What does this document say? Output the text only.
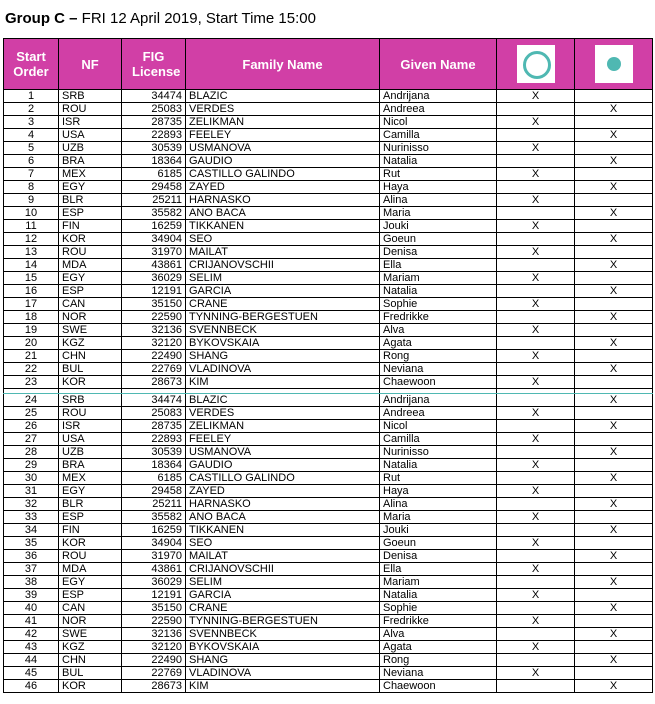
Group C – FRI 12 April 2019, Start Time 15:00
Start Order	NF	FIG License	Family Name	Given Name	

1	SRB	34474	BLAZIC	Andrijana	X	
2	ROU	25083	VERDES	Andreea		X
3	ISR	28735	ZELIKMAN	Nicol	X	
4	USA	22893	FEELEY	Camilla		X
5	UZB	30539	USMANOVA	Nurinisso	X	
6	BRA	18364	GAUDIO	Natalia		X
7	MEX	6185	CASTILLO GALINDO	Rut	X	
8	EGY	29458	ZAYED	Haya		X
9	BLR	25211	HARNASKO	Alina	X	
10	ESP	35582	ANO BACA	Maria		X
11	FIN	16259	TIKKANEN	Jouki	X	
12	KOR	34904	SEO	Goeun		X
13	ROU	31970	MAILAT	Denisa	X	
14	MDA	43861	CRIJANOVSCHII	Ella		X
15	EGY	36029	SELIM	Mariam	X	
16	ESP	12191	GARCIA	Natalia		X
17	CAN	35150	CRANE	Sophie	X	
18	NOR	22590	TYNNING-BERGESTUEN	Fredrikke		X
19	SWE	32136	SVENNBECK	Alva	X	
20	KGZ	32120	BYKOVSKAIA	Agata		X
21	CHN	22490	SHANG	Rong	X	
22	BUL	22769	VLADINOVA	Neviana		X
23	KOR	28673	KIM	Chaewoon	X	

24	SRB	34474	BLAZIC	Andrijana		X
25	ROU	25083	VERDES	Andreea	X	
26	ISR	28735	ZELIKMAN	Nicol		X
27	USA	22893	FEELEY	Camilla	X	
28	UZB	30539	USMANOVA	Nurinisso		X
29	BRA	18364	GAUDIO	Natalia	X	
30	MEX	6185	CASTILLO GALINDO	Rut		X
31	EGY	29458	ZAYED	Haya	X	
32	BLR	25211	HARNASKO	Alina		X
33	ESP	35582	ANO BACA	Maria	X	
34	FIN	16259	TIKKANEN	Jouki		X
35	KOR	34904	SEO	Goeun	X	
36	ROU	31970	MAILAT	Denisa		X
37	MDA	43861	CRIJANOVSCHII	Ella	X	
38	EGY	36029	SELIM	Mariam		X
39	ESP	12191	GARCIA	Natalia	X	
40	CAN	35150	CRANE	Sophie		X
41	NOR	22590	TYNNING-BERGESTUEN	Fredrikke	X	
42	SWE	32136	SVENNBECK	Alva		X
43	KGZ	32120	BYKOVSKAIA	Agata	X	
44	CHN	22490	SHANG	Rong		X
45	BUL	22769	VLADINOVA	Neviana	X	
46	KOR	28673	KIM	Chaewoon		X
